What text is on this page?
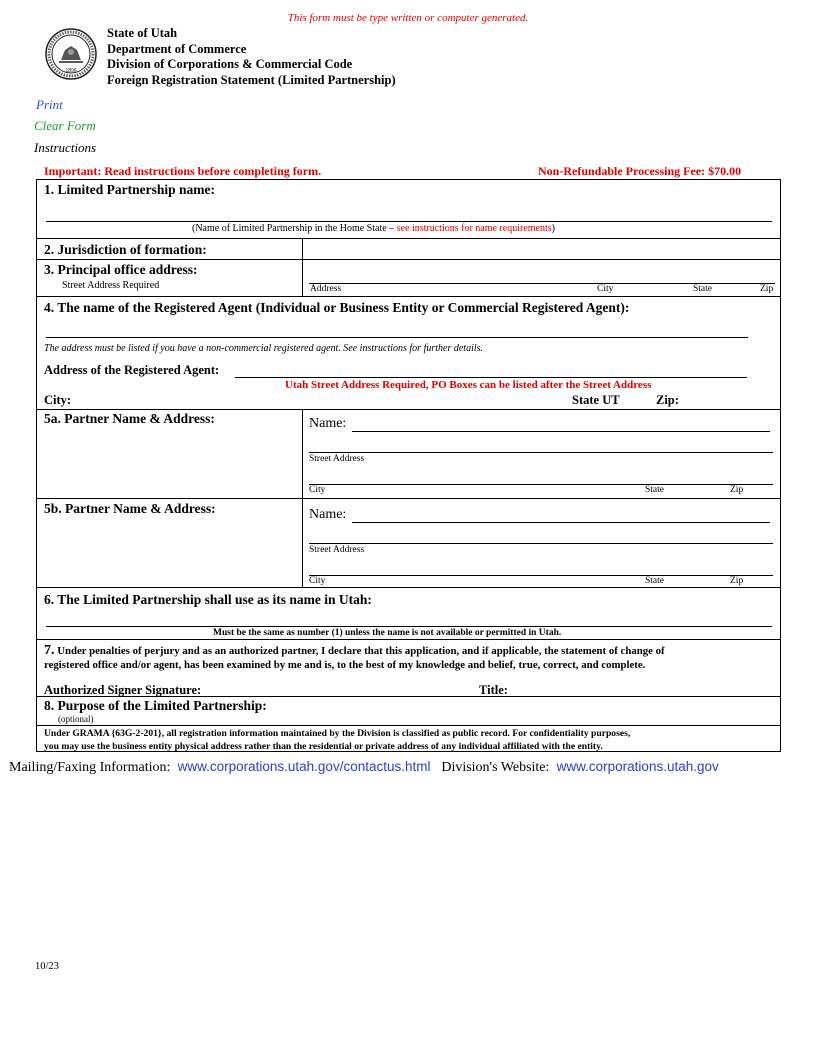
This form must be type written or computer generated.
1896
State of Utah
Department of Commerce
Division of Corporations & Commercial Code
Foreign Registration Statement (Limited Partnership)
Print
Clear Form
Instructions
Important: Read instructions before completing form.	Non-Refundable Processing Fee: $70.00
1. Limited Partnership name:
(Name of Limited Partnership in the Home State – see instructions for name requirements)
2. Jurisdiction of formation:
3. Principal office address:
Street Address Required	Address	City	State	Zip
4. The name of the Registered Agent (Individual or Business Entity or Commercial Registered Agent):
The address must be listed if you have a non-commercial registered agent. See instructions for further details.
Address of the Registered Agent:
Utah Street Address Required, PO Boxes can be listed after the Street Address
City:	State UT	Zip:
5a. Partner Name & Address:	Name:
Street Address
City	State	Zip
5b. Partner Name & Address:	Name:
Street Address
City	State	Zip
6. The Limited Partnership shall use as its name in Utah:
Must be the same as number (1) unless the name is not available or permitted in Utah.
7. Under penalties of perjury and as an authorized partner, I declare that this application, and if applicable, the statement of change of
registered office and/or agent, has been examined by me and is, to the best of my knowledge and belief, true, correct, and complete.
Authorized Signer Signature:	Title:
8. Purpose of the Limited Partnership:
(optional)
Under GRAMA {63G-2-201}, all registration information maintained by the Division is classified as public record. For confidentiality purposes,
you may use the business entity physical address rather than the residential or private address of any individual affiliated with the entity.
Mailing/Faxing Information: www.corporations.utah.gov/contactus.html Division's Website: www.corporations.utah.gov
10/23
